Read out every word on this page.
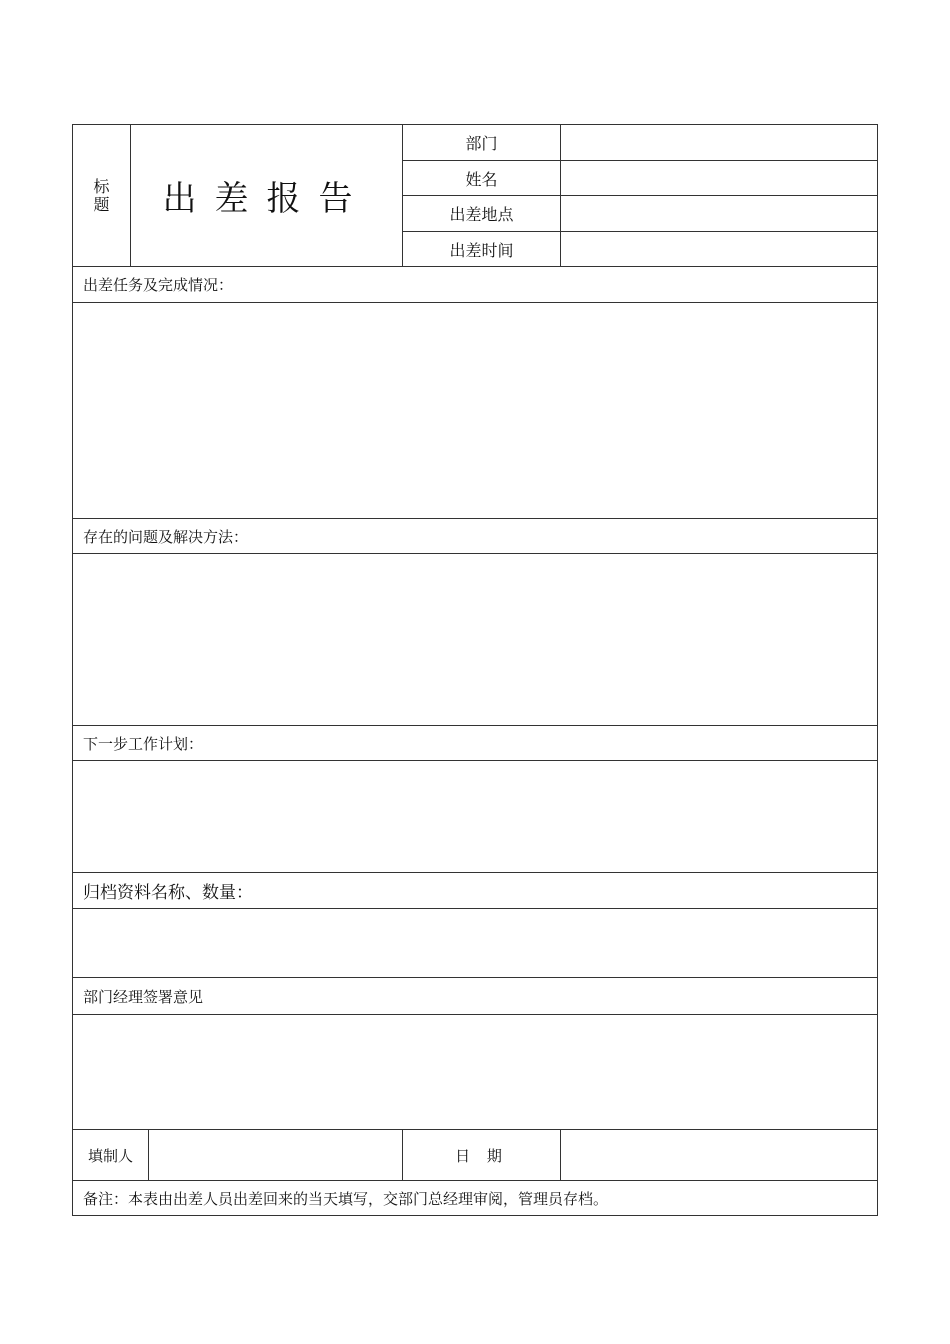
标
题 出差报告
部门
姓名
出差地点
出差时间
出差任务及完成情况：
存在的问题及解决方法：
下一步工作计划：
归档资料名称、数量：
部门经理签署意见
填制人	日 期
备注：本表由出差人员出差回来的当天填写，交部门总经理审阅，管理员存档。
